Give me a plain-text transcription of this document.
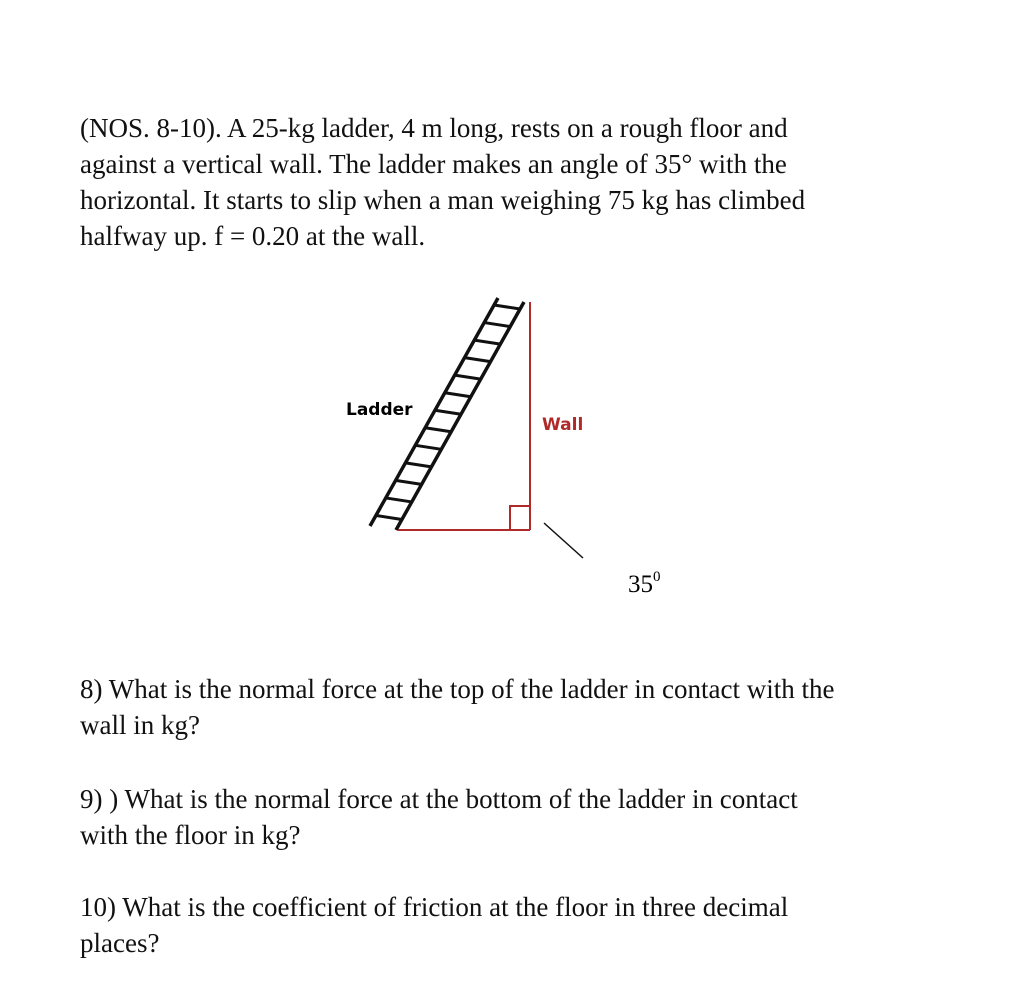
(NOS. 8-10). A 25-kg ladder, 4 m long, rests on a rough floor and
against a vertical wall. The ladder makes an angle of 35° with the
horizontal. It starts to slip when a man weighing 75 kg has climbed
halfway up. f = 0.20 at the wall.

Ladder
Wall
$35^0$

8) What is the normal force at the top of the ladder in contact with the
wall in kg?

9) ) What is the normal force at the bottom of the ladder in contact
with the floor in kg?

10) What is the coefficient of friction at the floor in three decimal
places?
